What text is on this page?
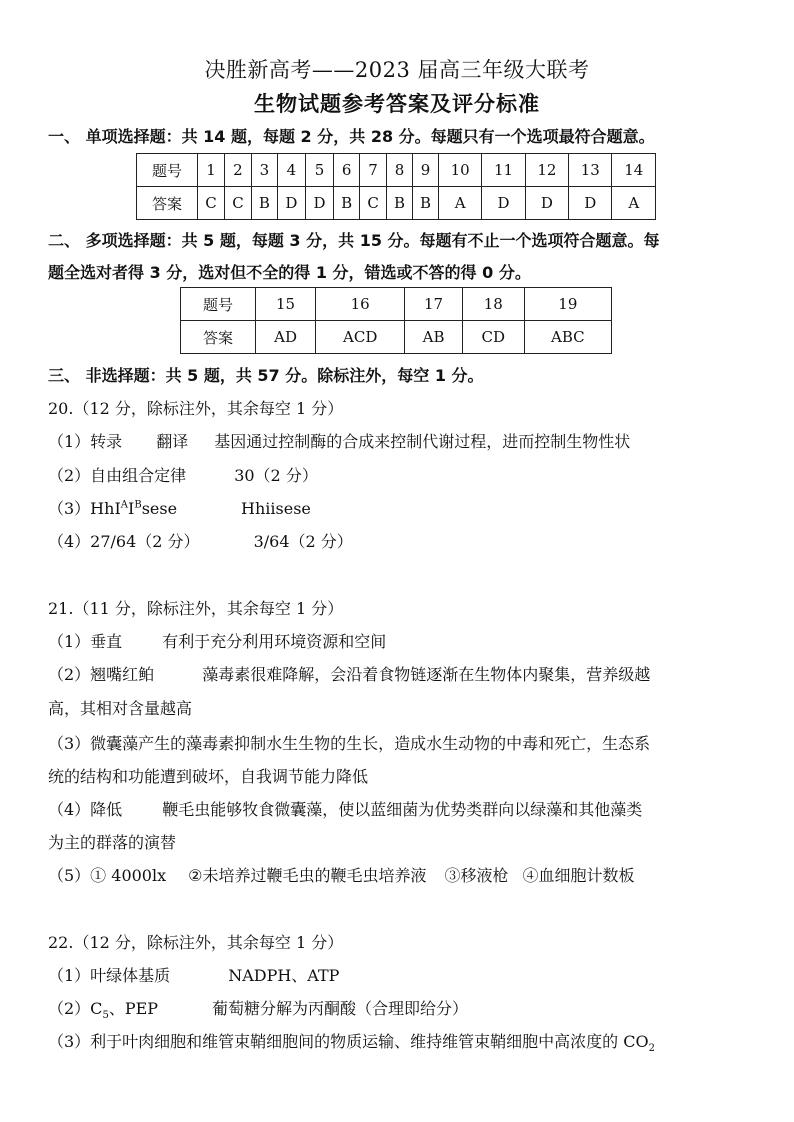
决胜新高考——2023 届高三年级大联考
生物试题参考答案及评分标准
一、 单项选择题：共 14 题，每题 2 分，共 28 分。每题只有一个选项最符合题意。
题号	1	2	3	4	5	6	7	8	9	10	11	12	13	14
答案	C	C	B	D	D	B	C	B	B	A	D	D	D	A
二、 多项选择题：共 5 题，每题 3 分，共 15 分。每题有不止一个选项符合题意。每
题全选对者得 3 分，选对但不全的得 1 分，错选或不答的得 0 分。
题号	15	16	17	18	19
答案	AD	ACD	AB	CD	ABC
三、 非选择题：共 5 题，共 57 分。除标注外，每空 1 分。
20.（12 分，除标注外，其余每空 1 分）
（1）转录 翻译 基因通过控制酶的合成来控制代谢过程，进而控制生物性状
（2）自由组合定律	30（2 分）
$(3)HhI^AI^Bsese$	Hhiisese
（4）27/64（2 分）	3/64（2 分）
21.（11 分，除标注外，其余每空 1 分）
（1）垂直	有利于充分利用环境资源和空间
（2）翘嘴红鲌	藻毒素很难降解，会沿着食物链逐渐在生物体内聚集，营养级越
高，其相对含量越高
（3）微囊藻产生的藻毒素抑制水生生物的生长，造成水生动物的中毒和死亡，生态系
统的结构和功能遭到破坏，自我调节能力降低
（4）降低	鞭毛虫能够牧食微囊藻，使以蓝细菌为优势类群向以绿藻和其他藻类
为主的群落的演替
（5）① 4000lx ②未培养过鞭毛虫的鞭毛虫培养液 ③移液枪 ④血细胞计数板
22.（12 分，除标注外，其余每空 1 分）
（1）叶绿体基质	NADPH、ATP
$(2)C_5$、PEP	葡萄糖分解为丙酮酸（合理即给分）
（3）利于叶肉细胞和维管束鞘细胞间的物质运输、维持维管束鞘细胞中高浓度的 $CO_2$
